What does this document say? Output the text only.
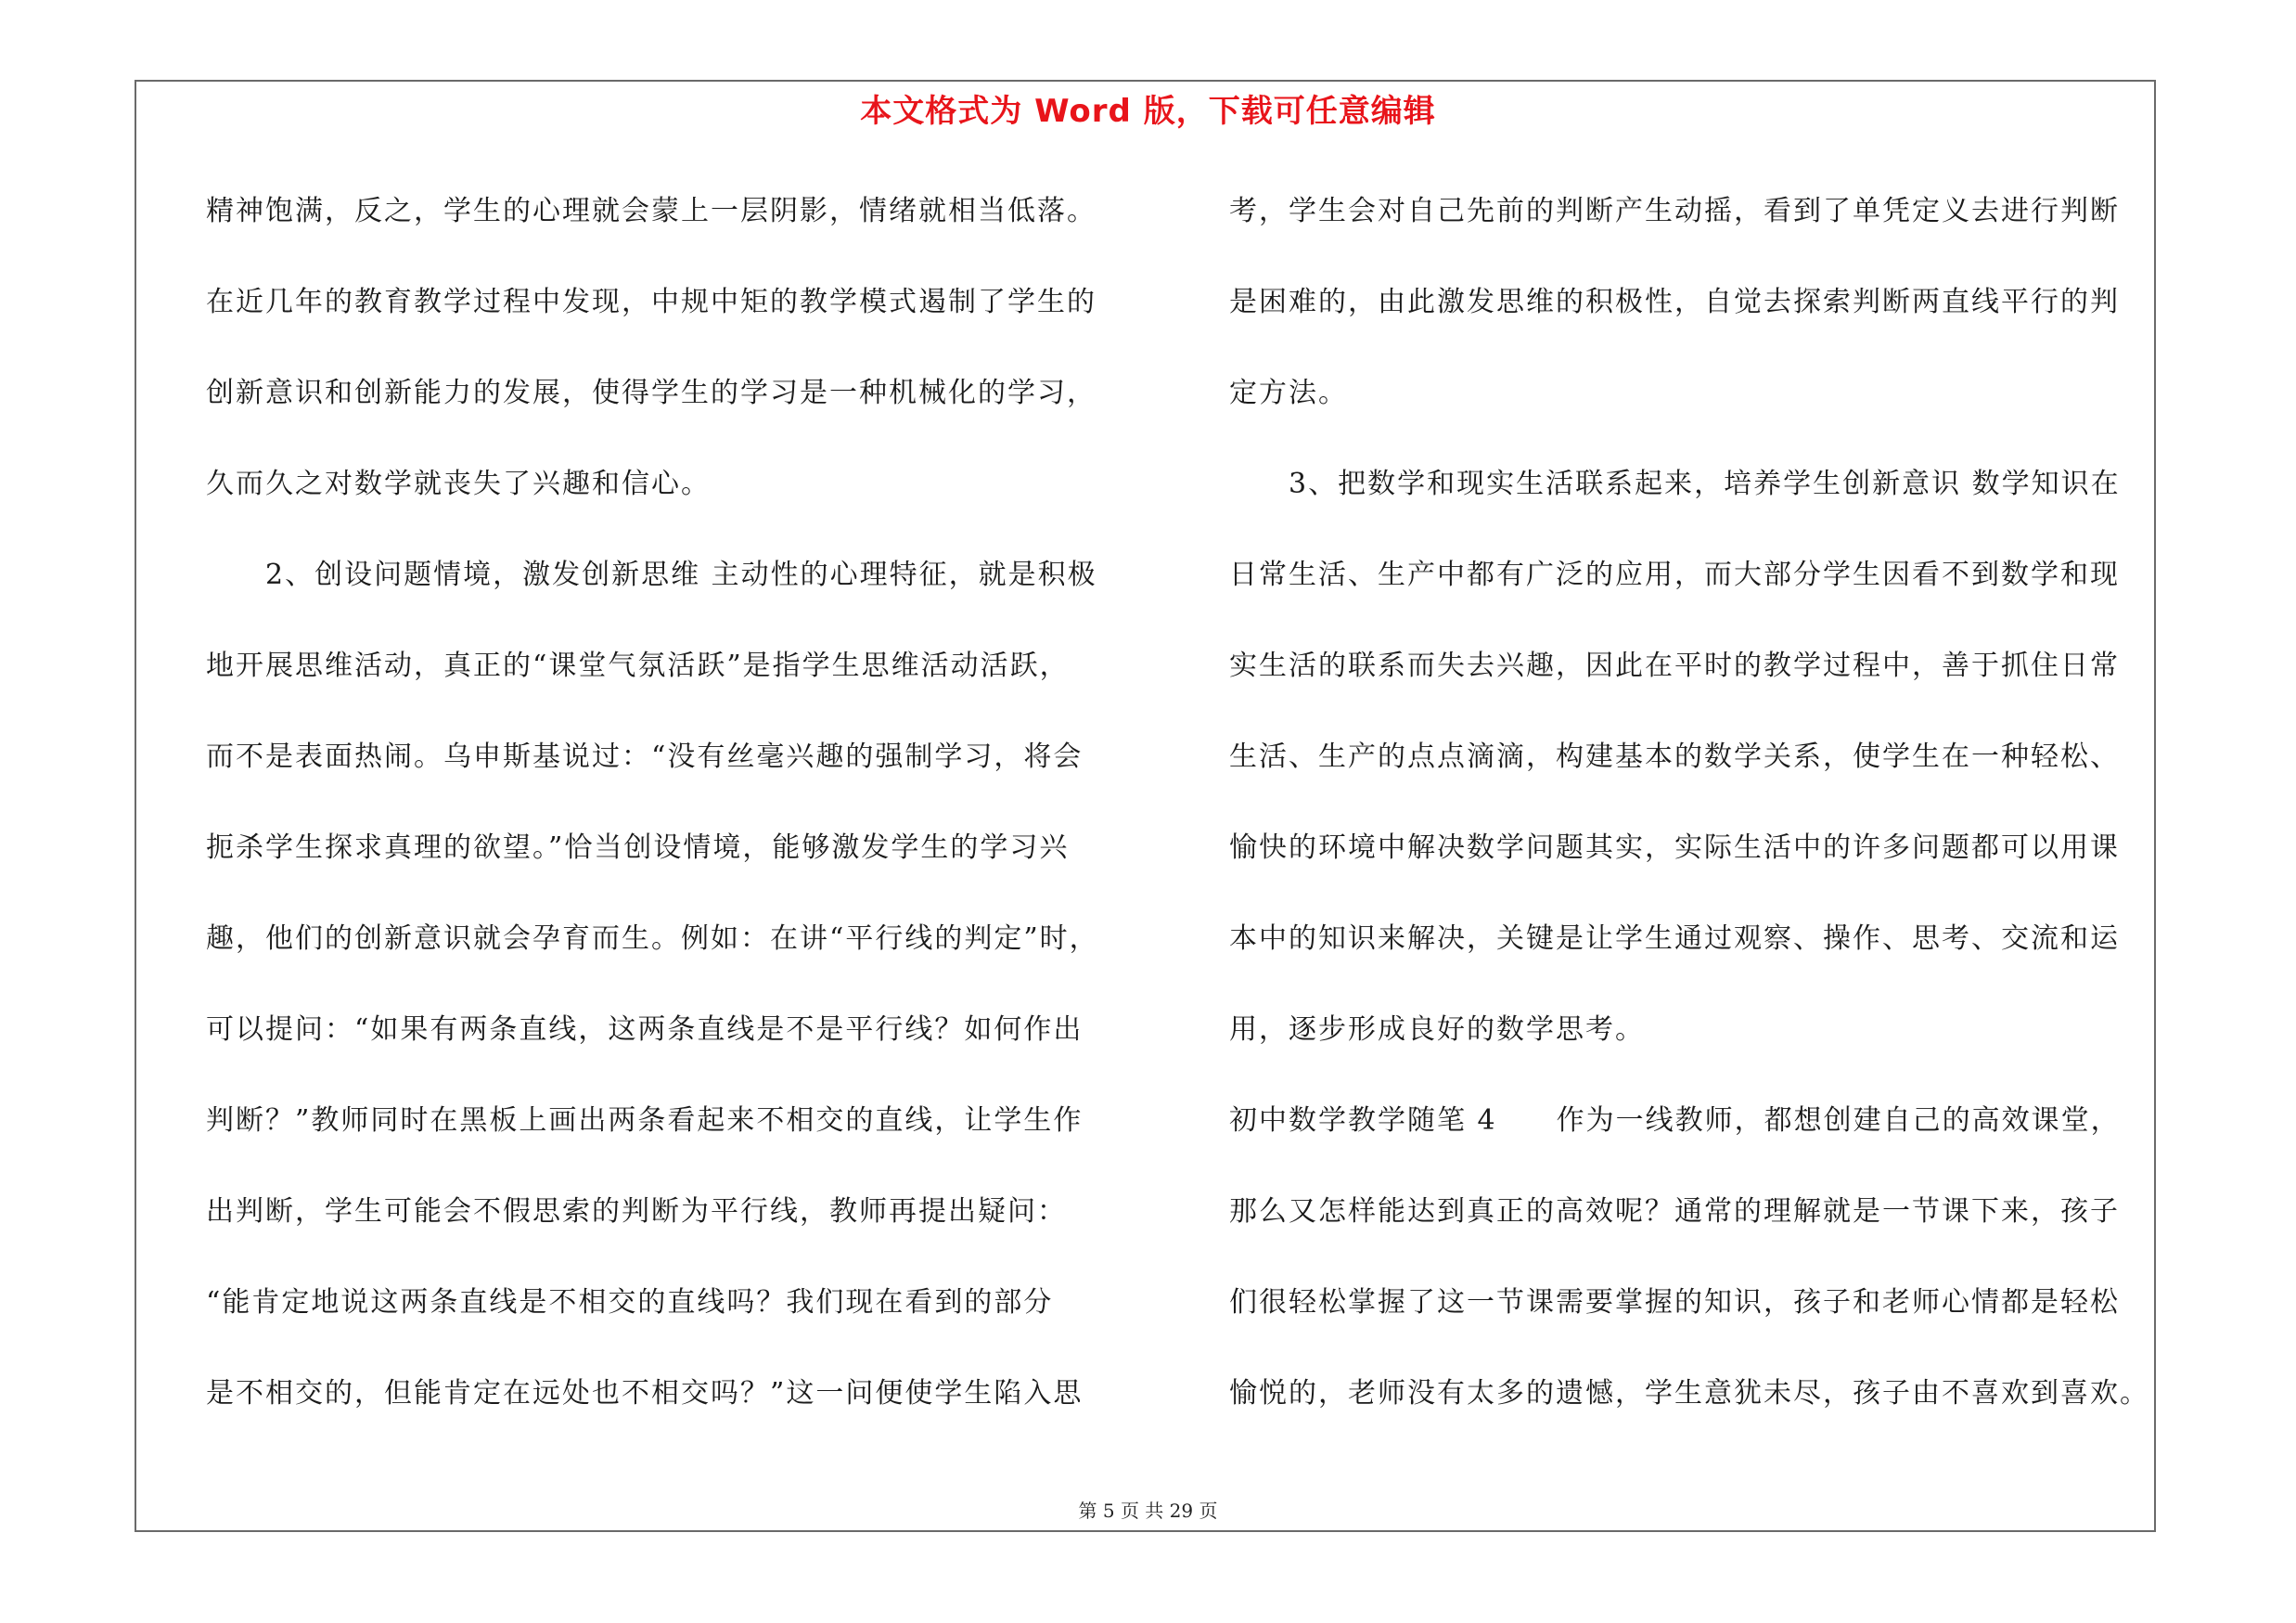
本文格式为 Word 版，下载可任意编辑
精神饱满，反之，学生的心理就会蒙上一层阴影，情绪就相当低落。
在近几年的教育教学过程中发现，中规中矩的教学模式遏制了学生的
创新意识和创新能力的发展，使得学生的学习是一种机械化的学习，
久而久之对数学就丧失了兴趣和信心。
　　2、创设问题情境，激发创新思维 主动性的心理特征，就是积极
地开展思维活动，真正的“课堂气氛活跃”是指学生思维活动活跃，
而不是表面热闹。乌申斯基说过：“没有丝毫兴趣的强制学习，将会
扼杀学生探求真理的欲望。”恰当创设情境，能够激发学生的学习兴
趣，他们的创新意识就会孕育而生。例如：在讲“平行线的判定”时，
可以提问：“如果有两条直线，这两条直线是不是平行线？如何作出
判断？”教师同时在黑板上画出两条看起来不相交的直线，让学生作
出判断，学生可能会不假思索的判断为平行线，教师再提出疑问：
“能肯定地说这两条直线是不相交的直线吗？我们现在看到的部分
是不相交的，但能肯定在远处也不相交吗？”这一问便使学生陷入思
考，学生会对自己先前的判断产生动摇，看到了单凭定义去进行判断
是困难的，由此激发思维的积极性，自觉去探索判断两直线平行的判
定方法。
　　3、把数学和现实生活联系起来，培养学生创新意识 数学知识在
日常生活、生产中都有广泛的应用，而大部分学生因看不到数学和现
实生活的联系而失去兴趣，因此在平时的教学过程中，善于抓住日常
生活、生产的点点滴滴，构建基本的数学关系，使学生在一种轻松、
愉快的环境中解决数学问题其实，实际生活中的许多问题都可以用课
本中的知识来解决，关键是让学生通过观察、操作、思考、交流和运
用，逐步形成良好的数学思考。
初中数学教学随笔 4　　作为一线教师，都想创建自己的高效课堂，
那么又怎样能达到真正的高效呢？通常的理解就是一节课下来，孩子
们很轻松掌握了这一节课需要掌握的知识，孩子和老师心情都是轻松
愉悦的，老师没有太多的遗憾，学生意犹未尽，孩子由不喜欢到喜欢。
第 5 页 共 29 页
